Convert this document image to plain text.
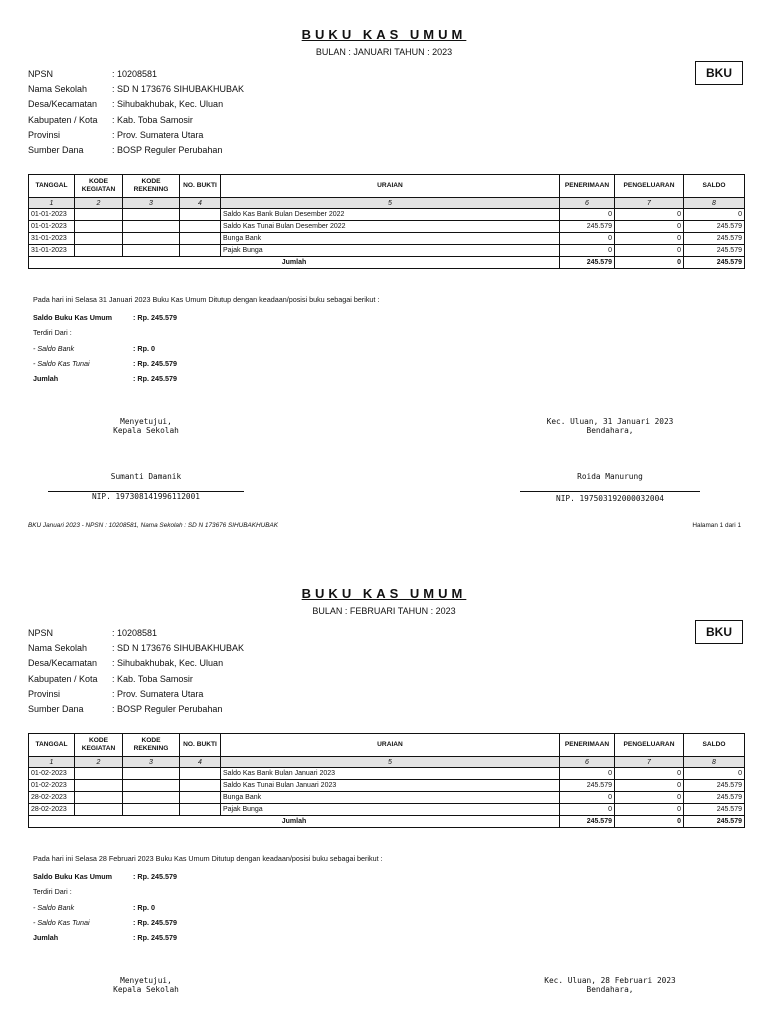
BUKU KAS UMUM
BULAN : JANUARI TAHUN : 2023
BKU
NPSN	: 10208581
Nama Sekolah	: SD N 173676 SIHUBAKHUBAK
Desa/Kecamatan	: Sihubakhubak, Kec. Uluan
Kabupaten / Kota	: Kab. Toba Samosir
Provinsi	: Prov. Sumatera Utara
Sumber Dana	: BOSP Reguler Perubahan
TANGGAL	KODE KEGIATAN	KODE REKENING	NO. BUKTI	URAIAN	PENERIMAAN	PENGELUARAN	SALDO
1	2	3	4	5	6	7	8
01-01-2023				Saldo Kas Bank Bulan Desember 2022	0	0	0
01-01-2023				Saldo Kas Tunai Bulan Desember 2022	245.579	0	245.579
31-01-2023				Bunga Bank	0	0	245.579
31-01-2023				Pajak Bunga	0	0	245.579
Jumlah					245.579	0	245.579
Pada hari ini Selasa 31 Januari 2023 Buku Kas Umum Ditutup dengan keadaan/posisi buku sebagai berikut :
Saldo Buku Kas Umum	: Rp. 245.579
Terdiri Dari :
- Saldo Bank	: Rp. 0
- Saldo Kas Tunai	: Rp. 245.579
Jumlah	: Rp. 245.579
Menyetujui,
Kepala Sekolah
Sumanti Damanik
NIP. 197308141996112001
Kec. Uluan, 31 Januari 2023
Bendahara,
Roida Manurung
NIP. 197503192000032004
BKU Januari 2023 - NPSN : 10208581, Nama Sekolah : SD N 173676 SIHUBAKHUBAK	Halaman 1 dari 1
BUKU KAS UMUM
BULAN : FEBRUARI TAHUN : 2023
BKU
NPSN	: 10208581
Nama Sekolah	: SD N 173676 SIHUBAKHUBAK
Desa/Kecamatan	: Sihubakhubak, Kec. Uluan
Kabupaten / Kota	: Kab. Toba Samosir
Provinsi	: Prov. Sumatera Utara
Sumber Dana	: BOSP Reguler Perubahan
TANGGAL	KODE KEGIATAN	KODE REKENING	NO. BUKTI	URAIAN	PENERIMAAN	PENGELUARAN	SALDO
1	2	3	4	5	6	7	8
01-02-2023				Saldo Kas Bank Bulan Januari 2023	0	0	0
01-02-2023				Saldo Kas Tunai Bulan Januari 2023	245.579	0	245.579
28-02-2023				Bunga Bank	0	0	245.579
28-02-2023				Pajak Bunga	0	0	245.579
Jumlah					245.579	0	245.579
Pada hari ini Selasa 28 Februari 2023 Buku Kas Umum Ditutup dengan keadaan/posisi buku sebagai berikut :
Saldo Buku Kas Umum	: Rp. 245.579
Terdiri Dari :
- Saldo Bank	: Rp. 0
- Saldo Kas Tunai	: Rp. 245.579
Jumlah	: Rp. 245.579
Menyetujui,
Kepala Sekolah
Kec. Uluan, 28 Februari 2023
Bendahara,
